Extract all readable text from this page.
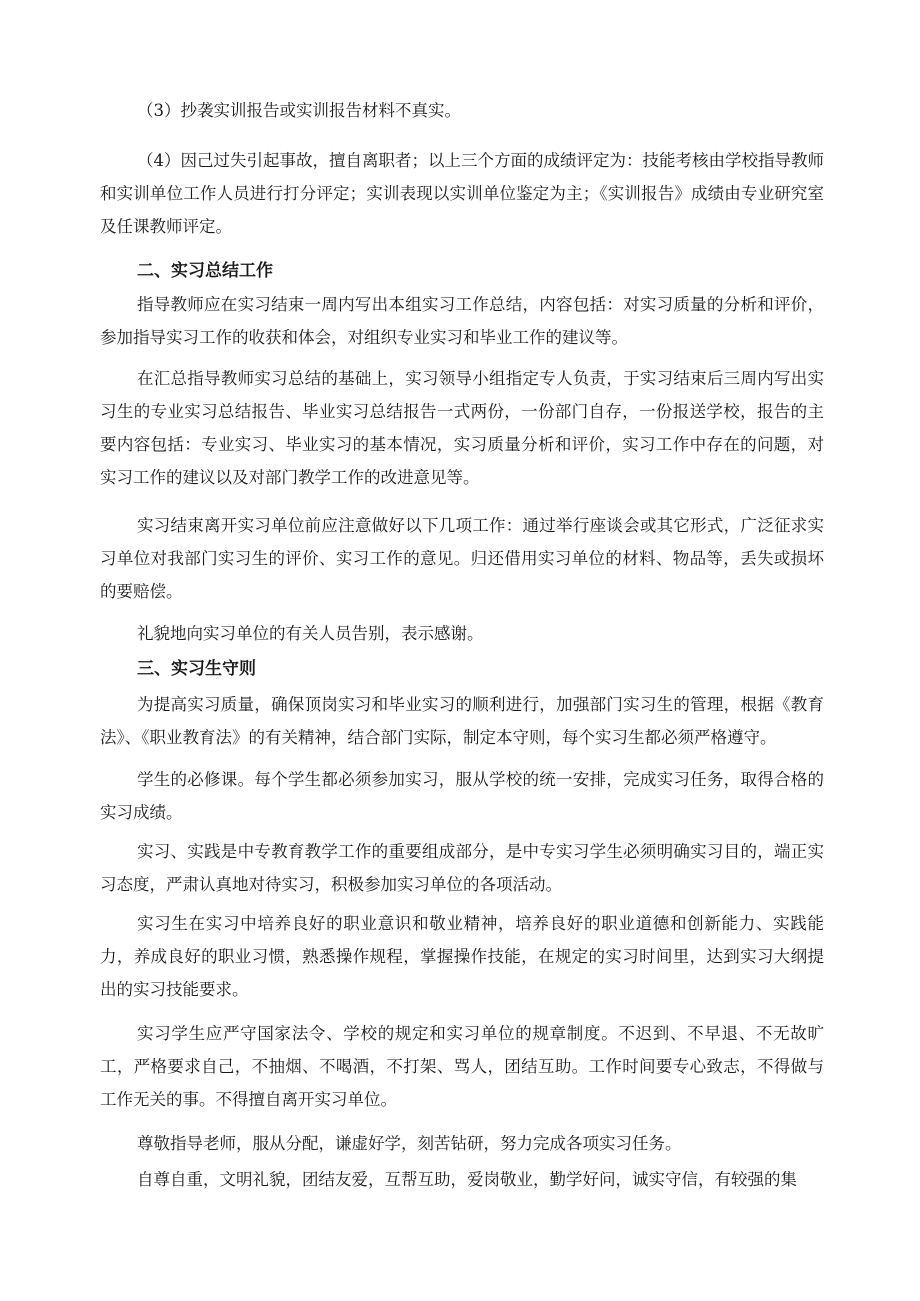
（3）抄袭实训报告或实训报告材料不真实。

（4）因己过失引起事故，擅自离职者；以上三个方面的成绩评定为：技能考核由学校指导教师和实训单位工作人员进行打分评定；实训表现以实训单位鉴定为主；《实训报告》成绩由专业研究室及任课教师评定。

二、实习总结工作

指导教师应在实习结束一周内写出本组实习工作总结，内容包括：对实习质量的分析和评价，参加指导实习工作的收获和体会，对组织专业实习和毕业工作的建议等。

在汇总指导教师实习总结的基础上，实习领导小组指定专人负责，于实习结束后三周内写出实习生的专业实习总结报告、毕业实习总结报告一式两份，一份部门自存，一份报送学校，报告的主要内容包括：专业实习、毕业实习的基本情况，实习质量分析和评价，实习工作中存在的问题，对实习工作的建议以及对部门教学工作的改进意见等。

实习结束离开实习单位前应注意做好以下几项工作：通过举行座谈会或其它形式，广泛征求实习单位对我部门实习生的评价、实习工作的意见。归还借用实习单位的材料、物品等，丢失或损坏的要赔偿。

礼貌地向实习单位的有关人员告别，表示感谢。

三、实习生守则

为提高实习质量，确保顶岗实习和毕业实习的顺利进行，加强部门实习生的管理，根据《教育法》、《职业教育法》的有关精神，结合部门实际，制定本守则，每个实习生都必须严格遵守。

学生的必修课。每个学生都必须参加实习，服从学校的统一安排，完成实习任务，取得合格的实习成绩。

实习、实践是中专教育教学工作的重要组成部分，是中专实习学生必须明确实习目的，端正实习态度，严肃认真地对待实习，积极参加实习单位的各项活动。

实习生在实习中培养良好的职业意识和敬业精神，培养良好的职业道德和创新能力、实践能力，养成良好的职业习惯，熟悉操作规程，掌握操作技能，在规定的实习时间里，达到实习大纲提出的实习技能要求。

实习学生应严守国家法令、学校的规定和实习单位的规章制度。不迟到、不早退、不无故旷工，严格要求自己，不抽烟、不喝酒，不打架、骂人，团结互助。工作时间要专心致志，不得做与工作无关的事。不得擅自离开实习单位。

尊敬指导老师，服从分配，谦虚好学，刻苦钻研，努力完成各项实习任务。

自尊自重，文明礼貌，团结友爱，互帮互助，爱岗敬业，勤学好问，诚实守信，有较强的集
